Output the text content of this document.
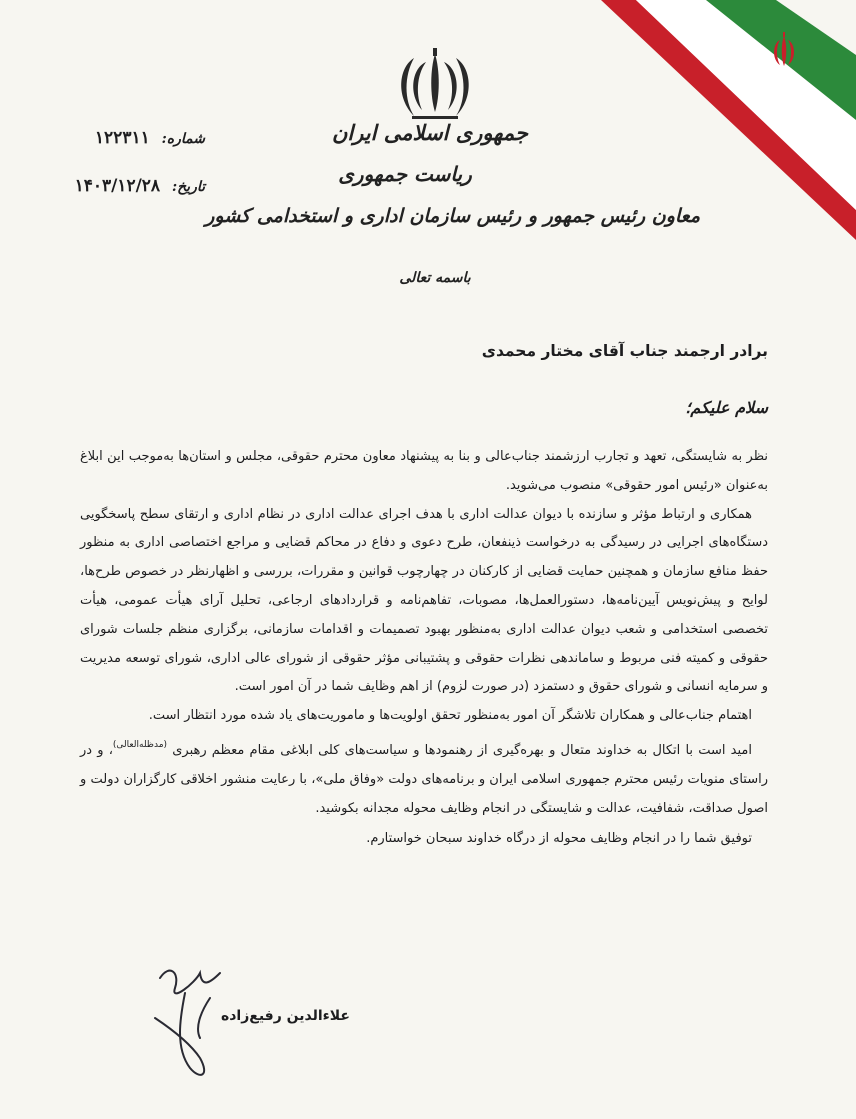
جمهوری اسلامی ایران
ریاست جمهوری
معاون رئیس جمهور و رئیس سازمان اداری و استخدامی کشور
باسمه تعالی
شماره: ۱۲۲۳۱۱
تاریخ: ۱۴۰۳/۱۲/۲۸
برادر ارجمند جناب آقای مختار محمدی
سلام علیکم؛

نظر به شایستگی، تعهد و تجارب ارزشمند جناب‌عالی و بنا به پیشنهاد معاون محترم حقوقی، مجلس و استان‌ها به‌موجب این ابلاغ به‌عنوان «رئیس امور حقوقی» منصوب می‌شوید.

همکاری و ارتباط مؤثر و سازنده با دیوان عدالت اداری با هدف اجرای عدالت اداری در نظام اداری و ارتقای سطح پاسخگویی دستگاه‌های اجرایی در رسیدگی به درخواست ذینفعان، طرح دعوی و دفاع در محاکم قضایی و مراجع اختصاصی اداری به منظور حفظ منافع سازمان و همچنین حمایت قضایی از کارکنان در چهارچوب قوانین و مقررات، بررسی و اظهارنظر در خصوص طرح‌ها، لوایح و پیش‌نویس آیین‌نامه‌ها، دستورالعمل‌ها، مصوبات، تفاهم‌نامه و قراردادهای ارجاعی، تحلیل آرای هیأت عمومی، هیأت تخصصی استخدامی و شعب دیوان عدالت اداری به‌منظور بهبود تصمیمات و اقدامات سازمانی، برگزاری منظم جلسات شورای حقوقی و کمیته فنی مربوط و ساماندهی نظرات حقوقی و پشتیبانی مؤثر حقوقی از شورای عالی اداری، شورای توسعه مدیریت و سرمایه انسانی و شورای حقوق و دستمزد (در صورت لزوم) از اهم وظایف شما در آن امور است.

اهتمام جناب‌عالی و همکاران تلاشگر آن امور به‌منظور تحقق اولویت‌ها و ماموریت‌های یاد شده مورد انتظار است.

امید است با اتکال به خداوند متعال و بهره‌گیری از رهنمودها و سیاست‌های کلی ابلاغی مقام معظم رهبری $^{(مدظله‌العالی)}$، و در راستای منویات رئیس محترم جمهوری اسلامی ایران و برنامه‌های دولت «وفاق ملی»، با رعایت منشور اخلاقی کارگزاران دولت و اصول صداقت، شفافیت، عدالت و شایستگی در انجام وظایف محوله مجدانه بکوشید.

توفیق شما را در انجام وظایف محوله از درگاه خداوند سبحان خواستارم.

علاءالدین رفیع‌زاده
